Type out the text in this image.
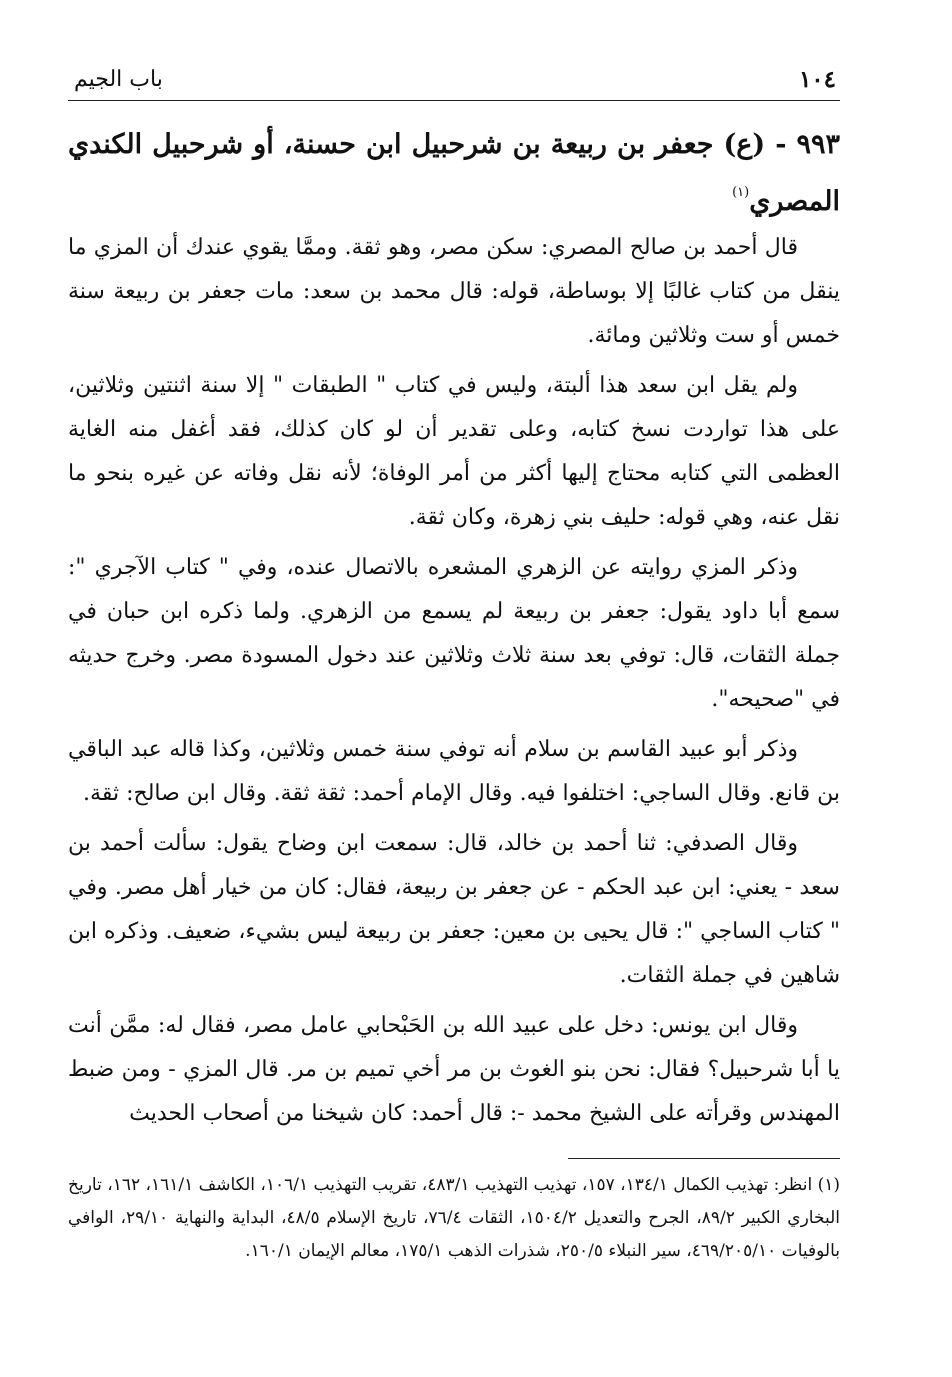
١٠٤
باب الجيم
٩٩٣ - (ع) جعفر بن ربيعة بن شرحبيل ابن حسنة، أو شرحبيل الكندي المصري$^{(١)}$

قال أحمد بن صالح المصري: سكن مصر، وهو ثقة. وممَّا يقوي عندك أن المزي ما ينقل من كتاب غالبًا إلا بوساطة، قوله: قال محمد بن سعد: مات جعفر بن ربيعة سنة خمس أو ست وثلاثين ومائة.

ولم يقل ابن سعد هذا ألبتة، وليس في كتاب " الطبقات " إلا سنة اثنتين وثلاثين، على هذا تواردت نسخ كتابه، وعلى تقدير أن لو كان كذلك، فقد أغفل منه الغاية العظمى التي كتابه محتاج إليها أكثر من أمر الوفاة؛ لأنه نقل وفاته عن غيره بنحو ما نقل عنه، وهي قوله: حليف بني زهرة، وكان ثقة.

وذكر المزي روايته عن الزهري المشعره بالاتصال عنده، وفي " كتاب الآجري ": سمع أبا داود يقول: جعفر بن ربيعة لم يسمع من الزهري. ولما ذكره ابن حبان في جملة الثقات، قال: توفي بعد سنة ثلاث وثلاثين عند دخول المسودة مصر. وخرج حديثه في "صحيحه".

وذكر أبو عبيد القاسم بن سلام أنه توفي سنة خمس وثلاثين، وكذا قاله عبد الباقي بن قانع. وقال الساجي: اختلفوا فيه. وقال الإمام أحمد: ثقة ثقة. وقال ابن صالح: ثقة.

وقال الصدفي: ثنا أحمد بن خالد، قال: سمعت ابن وضاح يقول: سألت أحمد بن سعد - يعني: ابن عبد الحكم - عن جعفر بن ربيعة، فقال: كان من خيار أهل مصر. وفي " كتاب الساجي ": قال يحيى بن معين: جعفر بن ربيعة ليس بشيء، ضعيف. وذكره ابن شاهين في جملة الثقات.

وقال ابن يونس: دخل على عبيد الله بن الحَبْحابي عامل مصر، فقال له: ممَّن أنت يا أبا شرحبيل؟ فقال: نحن بنو الغوث بن مر أخي تميم بن مر. قال المزي - ومن ضبط المهندس وقرأته على الشيخ محمد -: قال أحمد: كان شيخنا من أصحاب الحديث

(١) انظر: تهذيب الكمال ١٣٤/١، ١٥٧، تهذيب التهذيب ٤٨٣/١، تقريب التهذيب ١٠٦/١، الكاشف ١٦١/١، ١٦٢، تاريخ البخاري الكبير ٨٩/٢، الجرح والتعديل ١٥٠٤/٢، الثقات ٧٦/٤، تاريخ الإسلام ٤٨/٥، البداية والنهاية ٢٩/١٠، الوافي بالوفيات ٤٦٩/٢٠٥/١٠، سير النبلاء ٢٥٠/٥، شذرات الذهب ١٧٥/١، معالم الإيمان ١٦٠/١.
